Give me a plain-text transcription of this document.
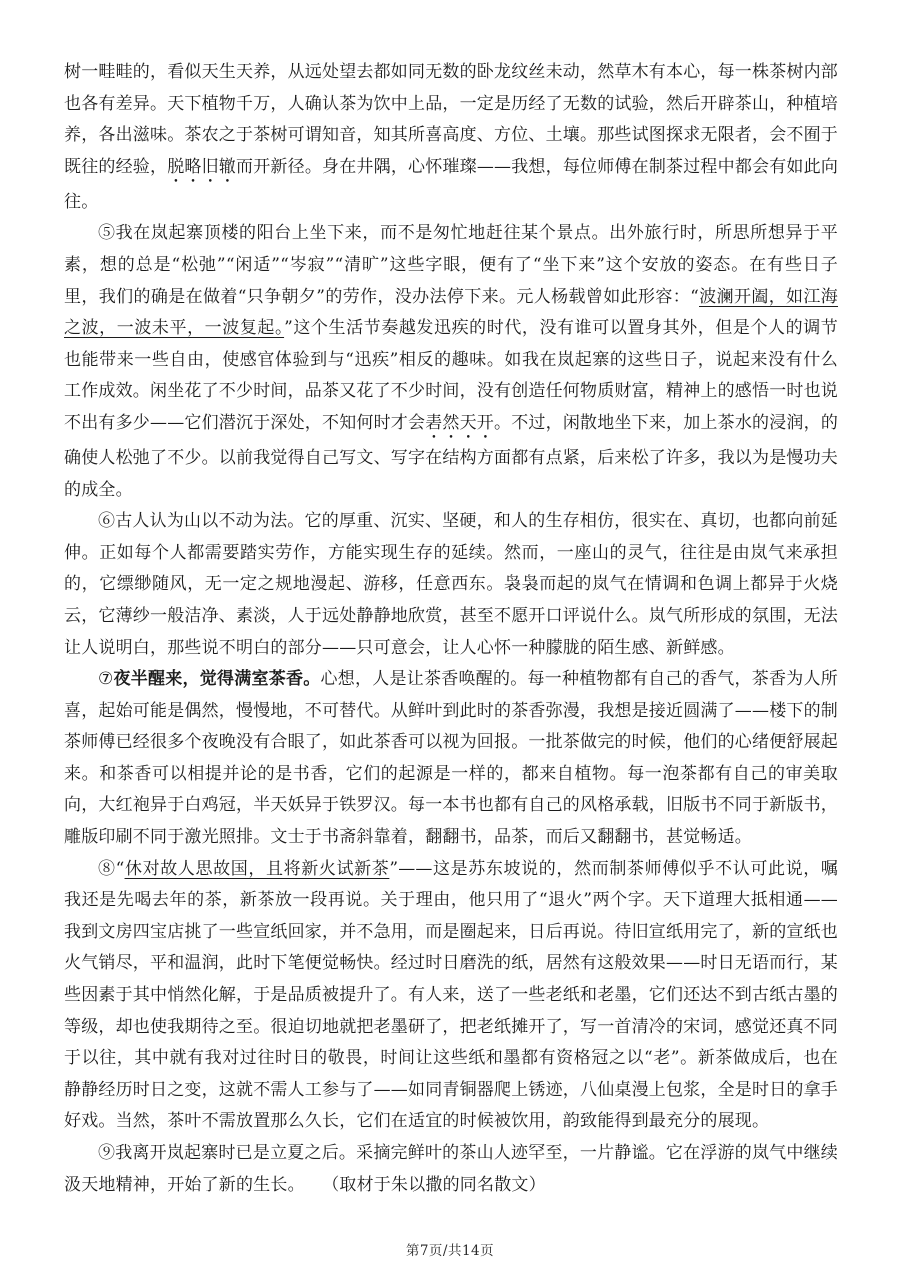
树一畦畦的，看似天生天养，从远处望去都如同无数的卧龙纹丝未动，然草木有本心，每一株茶树内部也各有差异。天下植物千万，人确认茶为饮中上品，一定是历经了无数的试验，然后开辟茶山，种植培养，各出滋味。茶农之于茶树可谓知音，知其所喜高度、方位、土壤。那些试图探求无限者，会不囿于既往的经验，脱略旧辙而开新径。身在井隅，心怀璀璨——我想，每位师傅在制茶过程中都会有如此向往。

⑤我在岚起寨顶楼的阳台上坐下来，而不是匆忙地赶往某个景点。出外旅行时，所思所想异于平素，想的总是“松弛”“闲适”“岑寂”“清旷”这些字眼，便有了“坐下来”这个安放的姿态。在有些日子里，我们的确是在做着“只争朝夕”的劳作，没办法停下来。元人杨载曾如此形容：“波澜开阖，如江海之波，一波未平，一波复起。”这个生活节奏越发迅疾的时代，没有谁可以置身其外，但是个人的调节也能带来一些自由，使感官体验到与“迅疾”相反的趣味。如我在岚起寨的这些日子，说起来没有什么工作成效。闲坐花了不少时间，品茶又花了不少时间，没有创造任何物质财富，精神上的感悟一时也说不出有多少——它们潜沉于深处，不知何时才会砉然天开。不过，闲散地坐下来，加上茶水的浸润，的确使人松弛了不少。以前我觉得自己写文、写字在结构方面都有点紧，后来松了许多，我以为是慢功夫的成全。

⑥古人认为山以不动为法。它的厚重、沉实、坚硬，和人的生存相仿，很实在、真切，也都向前延伸。正如每个人都需要踏实劳作，方能实现生存的延续。然而，一座山的灵气，往往是由岚气来承担的，它缥缈随风，无一定之规地漫起、游移，任意西东。袅袅而起的岚气在情调和色调上都异于火烧云，它薄纱一般洁净、素淡，人于远处静静地欣赏，甚至不愿开口评说什么。岚气所形成的氛围，无法让人说明白，那些说不明白的部分——只可意会，让人心怀一种朦胧的陌生感、新鲜感。

⑦夜半醒来，觉得满室茶香。心想，人是让茶香唤醒的。每一种植物都有自己的香气，茶香为人所喜，起始可能是偶然，慢慢地，不可替代。从鲜叶到此时的茶香弥漫，我想是接近圆满了——楼下的制茶师傅已经很多个夜晚没有合眼了，如此茶香可以视为回报。一批茶做完的时候，他们的心绪便舒展起来。和茶香可以相提并论的是书香，它们的起源是一样的，都来自植物。每一泡茶都有自己的审美取向，大红袍异于白鸡冠，半天妖异于铁罗汉。每一本书也都有自己的风格承载，旧版书不同于新版书，雕版印刷不同于激光照排。文士于书斋斜靠着，翻翻书，品茶，而后又翻翻书，甚觉畅适。

⑧“休对故人思故国，且将新火试新茶”——这是苏东坡说的，然而制茶师傅似乎不认可此说，嘱我还是先喝去年的茶，新茶放一段再说。关于理由，他只用了“退火”两个字。天下道理大抵相通——我到文房四宝店挑了一些宣纸回家，并不急用，而是圈起来，日后再说。待旧宣纸用完了，新的宣纸也火气销尽，平和温润，此时下笔便觉畅快。经过时日磨洗的纸，居然有这般效果——时日无语而行，某些因素于其中悄然化解，于是品质被提升了。有人来，送了一些老纸和老墨，它们还达不到古纸古墨的等级，却也使我期待之至。很迫切地就把老墨研了，把老纸摊开了，写一首清冷的宋词，感觉还真不同于以往，其中就有我对过往时日的敬畏，时间让这些纸和墨都有资格冠之以“老”。新茶做成后，也在静静经历时日之变，这就不需人工参与了——如同青铜器爬上锈迹，八仙桌漫上包浆，全是时日的拿手好戏。当然，茶叶不需放置那么久长，它们在适宜的时候被饮用，韵致能得到最充分的展现。

⑨我离开岚起寨时已是立夏之后。采摘完鲜叶的茶山人迹罕至，一片静谧。它在浮游的岚气中继续汲天地精神，开始了新的生长。　　（取材于朱以撒的同名散文）

第7页/共14页
